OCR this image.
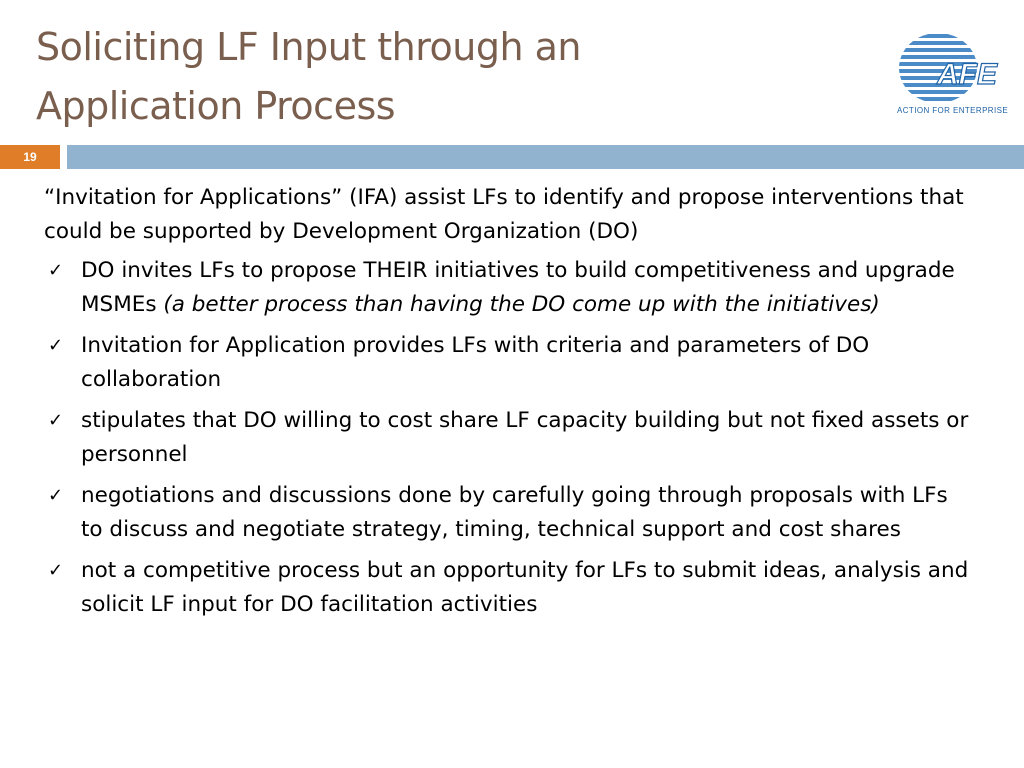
Soliciting LF Input through an
Application Process
AFE
ACTION FOR ENTERPRISE
19

“Invitation for Applications” (IFA) assist LFs to identify and propose interventions that could be supported by Development Organization (DO)

✓ DO invites LFs to propose THEIR initiatives to build competitiveness and upgrade MSMEs (a better process than having the DO come up with the initiatives)
✓ Invitation for Application provides LFs with criteria and parameters of DO collaboration
✓ stipulates that DO willing to cost share LF capacity building but not fixed assets or personnel
✓ negotiations and discussions done by carefully going through proposals with LFs to discuss and negotiate strategy, timing, technical support and cost shares
✓ not a competitive process but an opportunity for LFs to submit ideas, analysis and solicit LF input for DO facilitation activities
